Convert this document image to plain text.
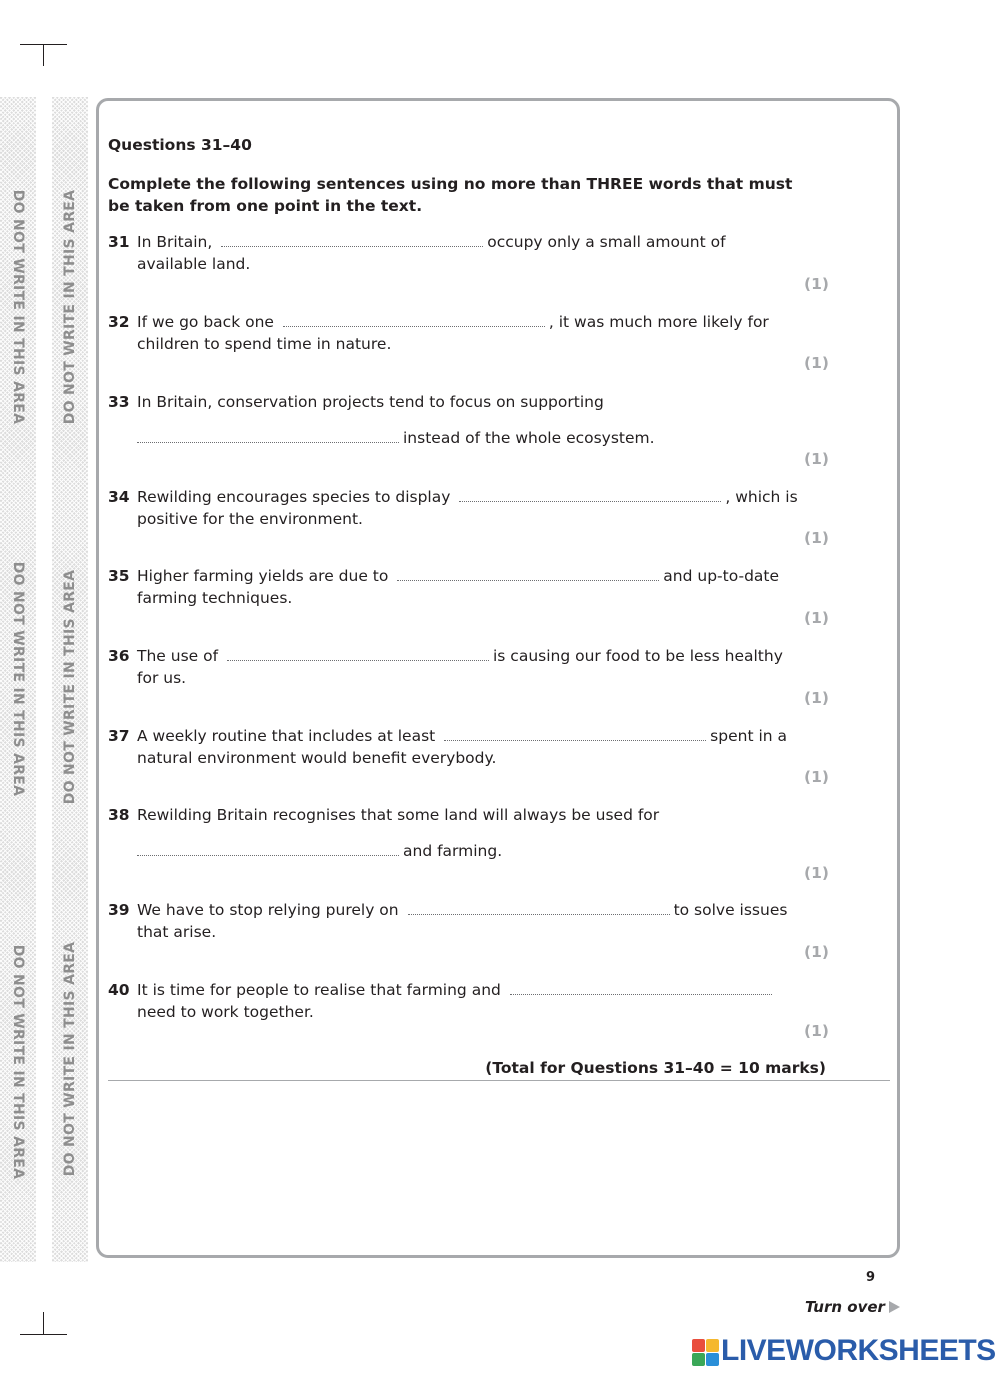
DO NOT WRITE IN THIS AREA
DO NOT WRITE IN THIS AREA
DO NOT WRITE IN THIS AREA
DO NOT WRITE IN THIS AREA
DO NOT WRITE IN THIS AREA
DO NOT WRITE IN THIS AREA
Questions 31–40
Complete the following sentences using no more than THREE words that must be taken from one point in the text.
31 In Britain,	occupy only a small amount of
available land.
(1)
32 If we go back one	, it was much more likely for
children to spend time in nature.
(1)
33 In Britain, conservation projects tend to focus on supporting
instead of the whole ecosystem.
(1)
34 Rewilding encourages species to display	, which is
positive for the environment.
(1)
35 Higher farming yields are due to	and up-to-date
farming techniques.
(1)
36 The use of	is causing our food to be less healthy
for us.
(1)
37 A weekly routine that includes at least	spent in a
natural environment would benefit everybody.
(1)
38 Rewilding Britain recognises that some land will always be used for
and farming.
(1)
39 We have to stop relying purely on	to solve issues
that arise.
(1)
40 It is time for people to realise that farming and
need to work together.
(1)
(Total for Questions 31–40 = 10 marks)
9
Turn over
LIVEWORKSHEETS
